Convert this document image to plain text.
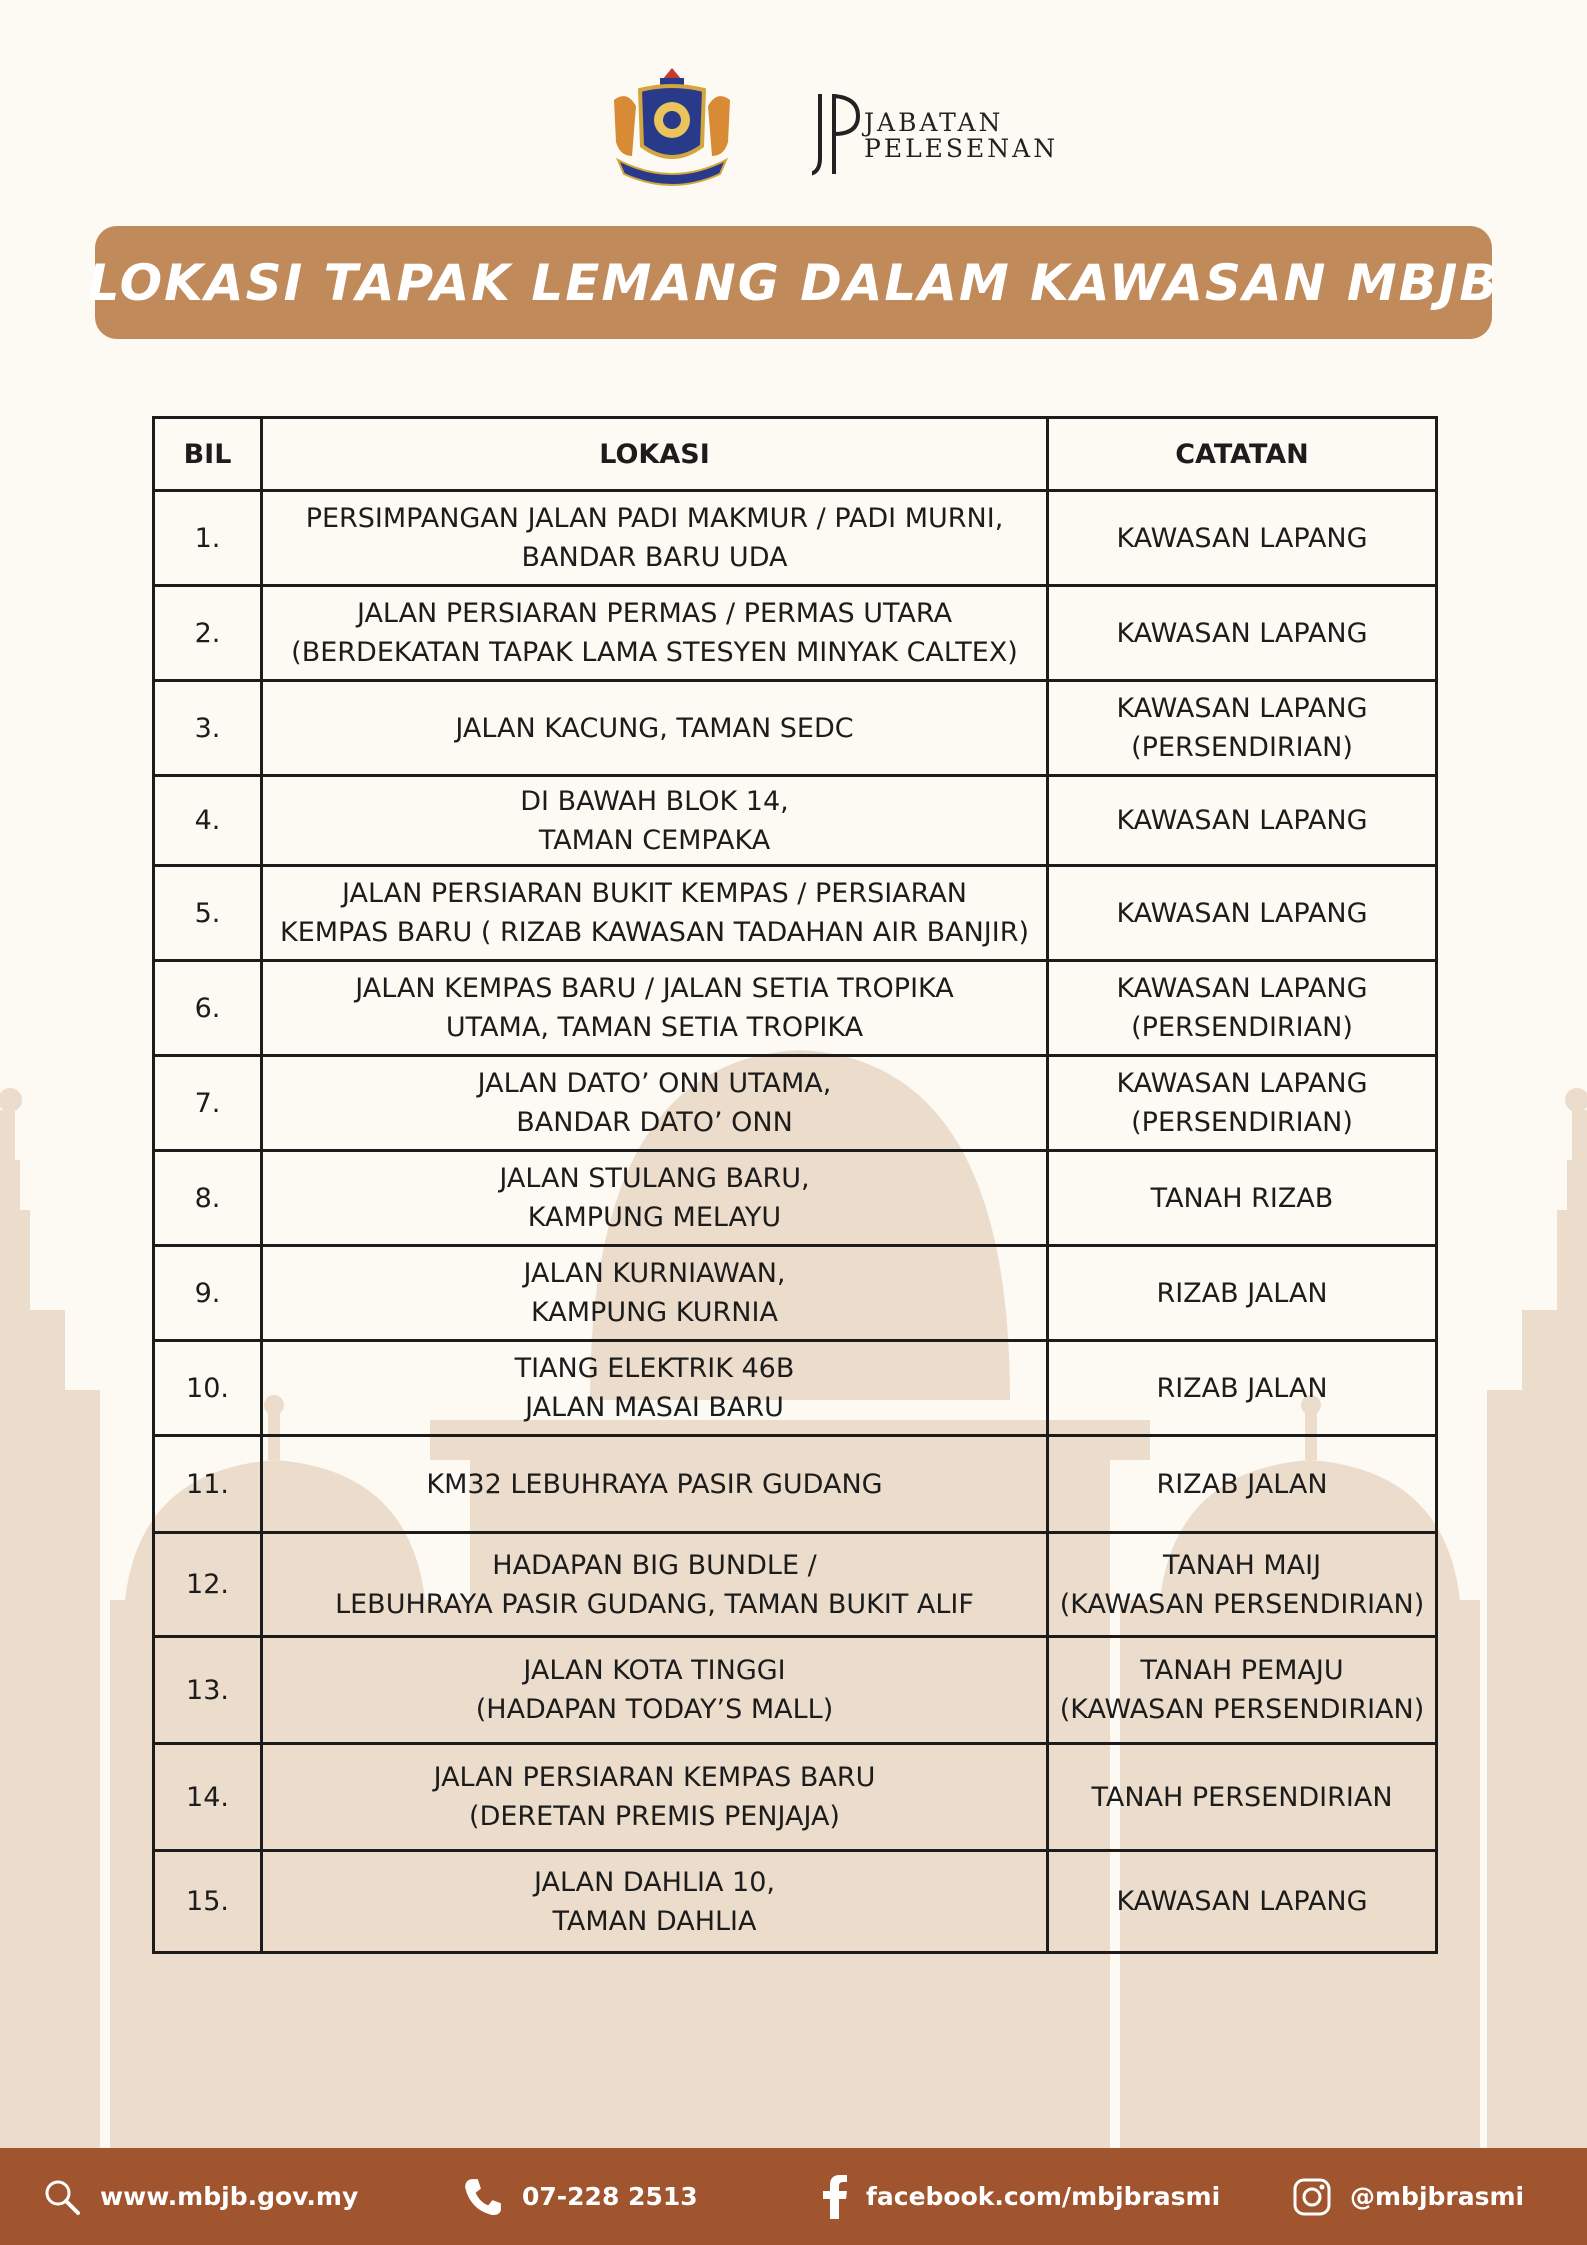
JABATAN
PELESENAN
LOKASI TAPAK LEMANG DALAM KAWASAN MBJB
BIL	LOKASI	CATATAN
1.	PERSIMPANGAN JALAN PADI MAKMUR / PADI MURNI,
BANDAR BARU UDA	KAWASAN LAPANG
2.	JALAN PERSIARAN PERMAS / PERMAS UTARA
(BERDEKATAN TAPAK LAMA STESYEN MINYAK CALTEX)	KAWASAN LAPANG
3.	JALAN KACUNG, TAMAN SEDC	KAWASAN LAPANG
(PERSENDIRIAN)
4.	DI BAWAH BLOK 14,
TAMAN CEMPAKA	KAWASAN LAPANG
5.	JALAN PERSIARAN BUKIT KEMPAS / PERSIARAN
KEMPAS BARU ( RIZAB KAWASAN TADAHAN AIR BANJIR)	KAWASAN LAPANG
6.	JALAN KEMPAS BARU / JALAN SETIA TROPIKA
UTAMA, TAMAN SETIA TROPIKA	KAWASAN LAPANG
(PERSENDIRIAN)
7.	JALAN DATO’ ONN UTAMA,
BANDAR DATO’ ONN	KAWASAN LAPANG
(PERSENDIRIAN)
8.	JALAN STULANG BARU,
KAMPUNG MELAYU	TANAH RIZAB
9.	JALAN KURNIAWAN,
KAMPUNG KURNIA	RIZAB JALAN
10.	TIANG ELEKTRIK 46B
JALAN MASAI BARU	RIZAB JALAN
11.	KM32 LEBUHRAYA PASIR GUDANG	RIZAB JALAN
12.	HADAPAN BIG BUNDLE /
LEBUHRAYA PASIR GUDANG, TAMAN BUKIT ALIF	TANAH MAIJ
(KAWASAN PERSENDIRIAN)
13.	JALAN KOTA TINGGI
(HADAPAN TODAY’S MALL)	TANAH PEMAJU
(KAWASAN PERSENDIRIAN)
14.	JALAN PERSIARAN KEMPAS BARU
(DERETAN PREMIS PENJAJA)	TANAH PERSENDIRIAN
15.	JALAN DAHLIA 10,
TAMAN DAHLIA	KAWASAN LAPANG
www.mbjb.gov.my	07-228 2513	facebook.com/mbjbrasmi	@mbjbrasmi
